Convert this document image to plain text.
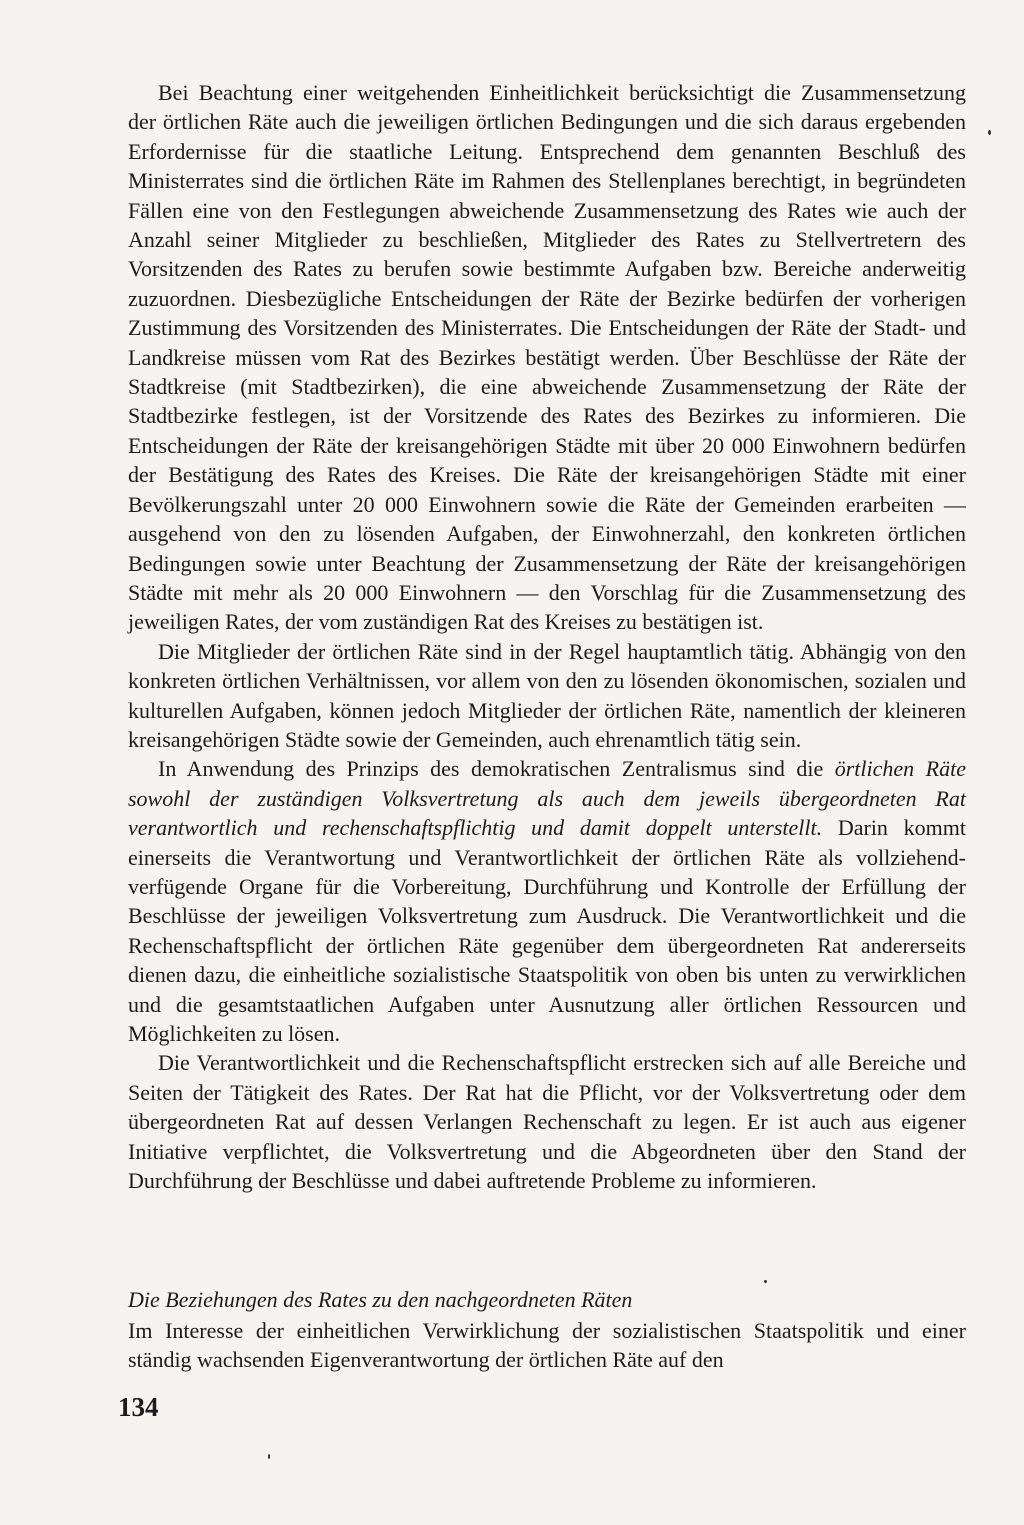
Bei Beachtung einer weitgehenden Einheitlichkeit berücksichtigt die Zusammensetzung der örtlichen Räte auch die jeweiligen örtlichen Bedingungen und die sich daraus ergebenden Erfordernisse für die staatliche Leitung. Entsprechend dem genannten Beschluß des Ministerrates sind die örtlichen Räte im Rahmen des Stellenplanes berechtigt, in begründeten Fällen eine von den Festlegungen abweichende Zusammensetzung des Rates wie auch der Anzahl seiner Mitglieder zu beschließen, Mitglieder des Rates zu Stellvertretern des Vorsitzenden des Rates zu berufen sowie bestimmte Aufgaben bzw. Bereiche anderweitig zuzuordnen. Diesbezügliche Entscheidungen der Räte der Bezirke bedürfen der vorherigen Zustimmung des Vorsitzenden des Ministerrates. Die Entscheidungen der Räte der Stadt- und Landkreise müssen vom Rat des Bezirkes bestätigt werden. Über Beschlüsse der Räte der Stadtkreise (mit Stadtbezirken), die eine abweichende Zusammensetzung der Räte der Stadtbezirke festlegen, ist der Vorsitzende des Rates des Bezirkes zu informieren. Die Entscheidungen der Räte der kreisangehörigen Städte mit über 20 000 Einwohnern bedürfen der Bestätigung des Rates des Kreises. Die Räte der kreisangehörigen Städte mit einer Bevölkerungszahl unter 20 000 Einwohnern sowie die Räte der Gemeinden erarbeiten — ausgehend von den zu lösenden Aufgaben, der Einwohnerzahl, den konkreten örtlichen Bedingungen sowie unter Beachtung der Zusammensetzung der Räte der kreisangehörigen Städte mit mehr als 20 000 Einwohnern — den Vorschlag für die Zusammensetzung des jeweiligen Rates, der vom zuständigen Rat des Kreises zu bestätigen ist.

Die Mitglieder der örtlichen Räte sind in der Regel hauptamtlich tätig. Abhängig von den konkreten örtlichen Verhältnissen, vor allem von den zu lösenden ökonomischen, sozialen und kulturellen Aufgaben, können jedoch Mitglieder der örtlichen Räte, namentlich der kleineren kreisangehörigen Städte sowie der Gemeinden, auch ehrenamtlich tätig sein.

In Anwendung des Prinzips des demokratischen Zentralismus sind die örtlichen Räte sowohl der zuständigen Volksvertretung als auch dem jeweils übergeordneten Rat verantwortlich und rechenschaftspflichtig und damit doppelt unterstellt. Darin kommt einerseits die Verantwortung und Verantwortlichkeit der örtlichen Räte als vollziehend-verfügende Organe für die Vorbereitung, Durchführung und Kontrolle der Erfüllung der Beschlüsse der jeweiligen Volksvertretung zum Ausdruck. Die Verantwortlichkeit und die Rechenschaftspflicht der örtlichen Räte gegenüber dem übergeordneten Rat andererseits dienen dazu, die einheitliche sozialistische Staatspolitik von oben bis unten zu verwirklichen und die gesamtstaatlichen Aufgaben unter Ausnutzung aller örtlichen Ressourcen und Möglichkeiten zu lösen.

Die Verantwortlichkeit und die Rechenschaftspflicht erstrecken sich auf alle Bereiche und Seiten der Tätigkeit des Rates. Der Rat hat die Pflicht, vor der Volksvertretung oder dem übergeordneten Rat auf dessen Verlangen Rechenschaft zu legen. Er ist auch aus eigener Initiative verpflichtet, die Volksvertretung und die Abgeordneten über den Stand der Durchführung der Beschlüsse und dabei auftretende Probleme zu informieren.

Die Beziehungen des Rates zu den nachgeordneten Räten

Im Interesse der einheitlichen Verwirklichung der sozialistischen Staatspolitik und einer ständig wachsenden Eigenverantwortung der örtlichen Räte auf den

134
